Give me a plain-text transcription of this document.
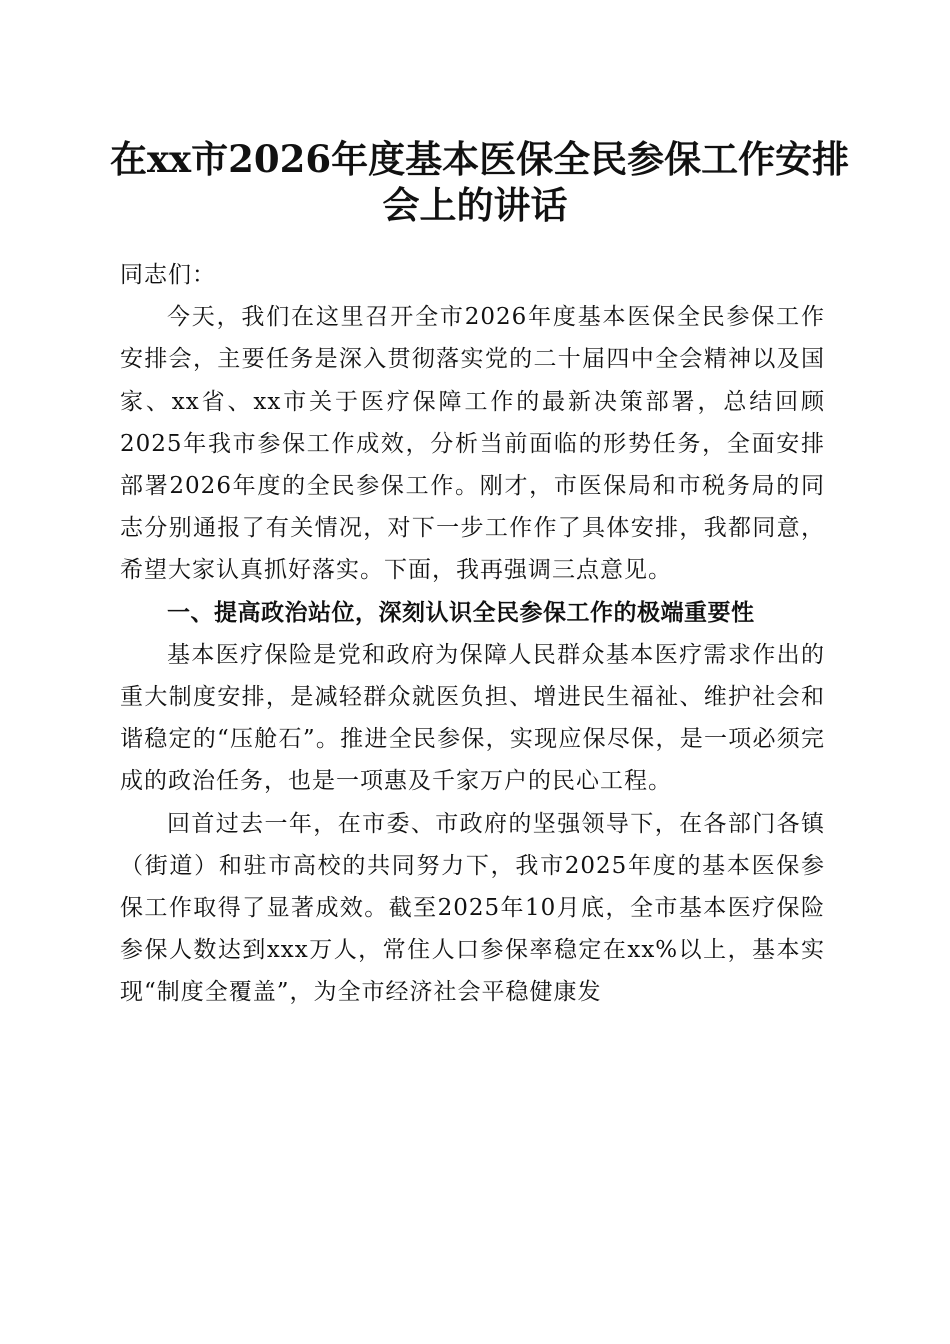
在xx市2026年度基本医保全民参保工作安排
会上的讲话

同志们：

今天，我们在这里召开全市2026年度基本医保全民参保工作安排会，主要任务是深入贯彻落实党的二十届四中全会精神以及国家、xx省、xx市关于医疗保障工作的最新决策部署，总结回顾2025年我市参保工作成效，分析当前面临的形势任务，全面安排部署2026年度的全民参保工作。刚才，市医保局和市税务局的同志分别通报了有关情况，对下一步工作作了具体安排，我都同意，希望大家认真抓好落实。下面，我再强调三点意见。

一、提高政治站位，深刻认识全民参保工作的极端重要性

基本医疗保险是党和政府为保障人民群众基本医疗需求作出的重大制度安排，是减轻群众就医负担、增进民生福祉、维护社会和谐稳定的“压舱石”。推进全民参保，实现应保尽保，是一项必须完成的政治任务，也是一项惠及千家万户的民心工程。

回首过去一年，在市委、市政府的坚强领导下，在各部门各镇（街道）和驻市高校的共同努力下，我市2025年度的基本医保参保工作取得了显著成效。截至2025年10月底，全市基本医疗保险参保人数达到xxx万人，常住人口参保率稳定在xx%以上，基本实现“制度全覆盖”，为全市经济社会平稳健康发
